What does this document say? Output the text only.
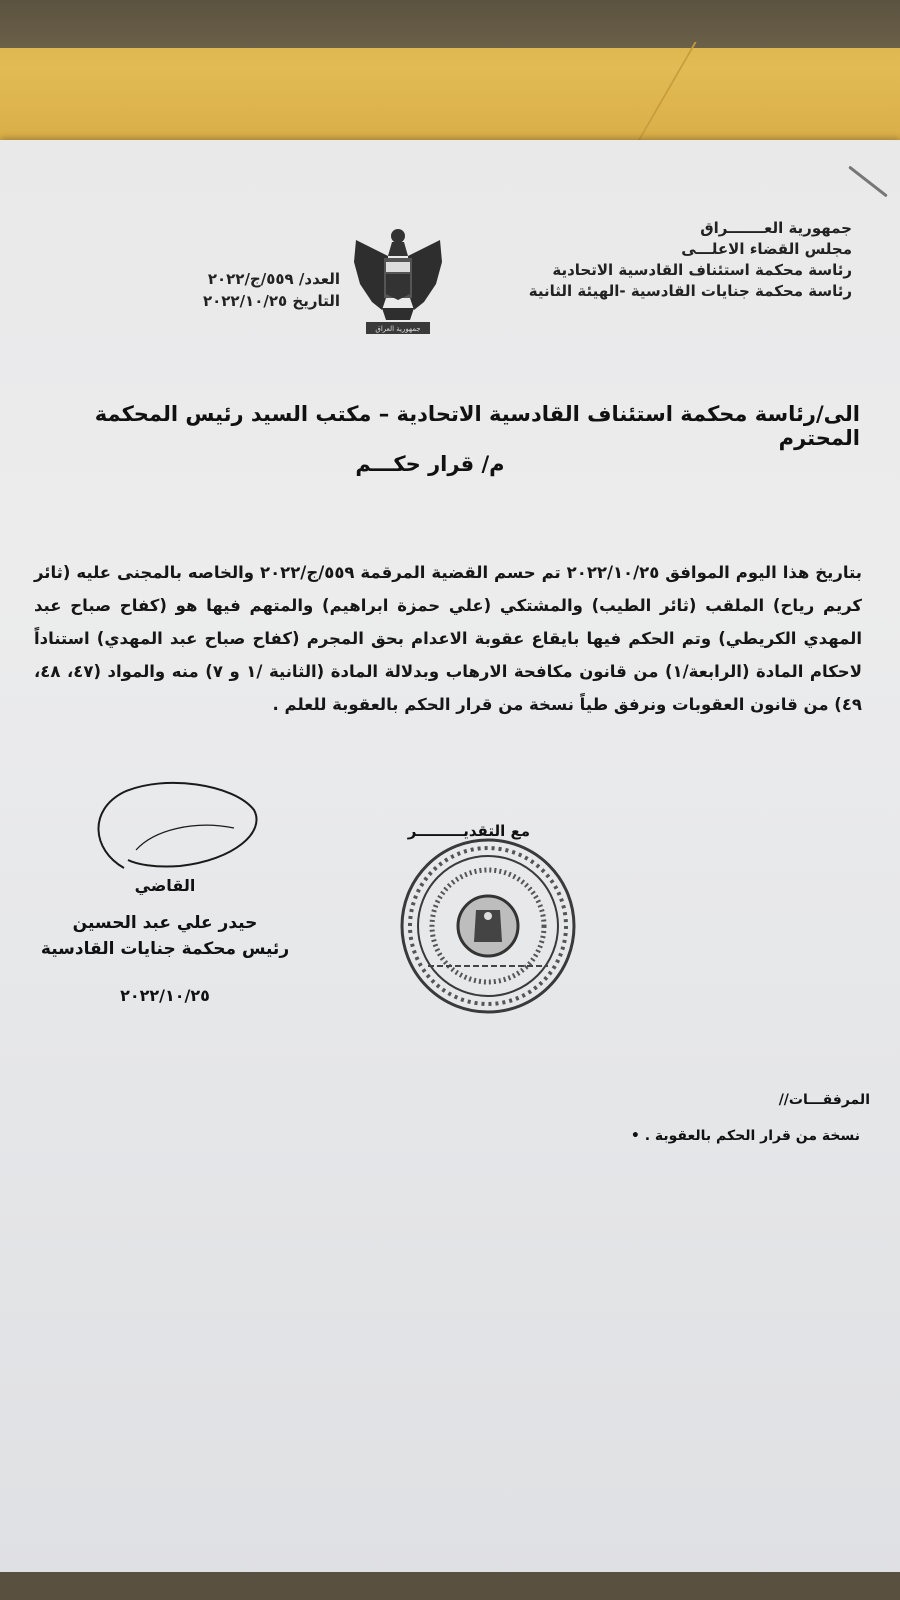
جمهورية العـــــــراق
مجلس القضاء الاعلـــى
رئاسة محكمة استئناف القادسية الاتحادية
رئاسة محكمة جنايات القادسية -الهيئة الثانية
جمهورية العراق
العدد/ ٥٥٩/ج/٢٠٢٢
التاريخ ٢٠٢٢/١٠/٢٥
الى/رئاسة محكمة استئناف القادسية الاتحادية – مكتب السيد رئيس المحكمة المحترم
م/ قرار حكـــم
بتاريخ هذا اليوم الموافق ٢٠٢٢/١٠/٢٥ تم حسم القضية المرقمة ٥٥٩/ج/٢٠٢٢ والخاصه بالمجنى عليه (ثائر كريم رياح) الملقب (ثائر الطيب) والمشتكي (علي حمزة ابراهيم) والمتهم فيها هو (كفاح صباح عبد المهدي الكريطي) وتم الحكم فيها بايقاع عقوبة الاعدام بحق المجرم (كفاح صباح عبد المهدي) استناداً لاحكام المادة (الرابعة/١) من قانون مكافحة الارهاب وبدلالة المادة (الثانية /١ و ٧) منه والمواد (٤٧، ٤٨، ٤٩) من قانون العقوبات ونرفق طياً نسخة من قرار الحكم بالعقوبة للعلم .
مع التقديـــــــــر
القاضي
حيدر علي عبد الحسين
رئيس محكمة جنايات القادسية
٢٠٢٢/١٠/٢٥
المرفقـــات//
نسخة من قرار الحكم بالعقوبة . •
